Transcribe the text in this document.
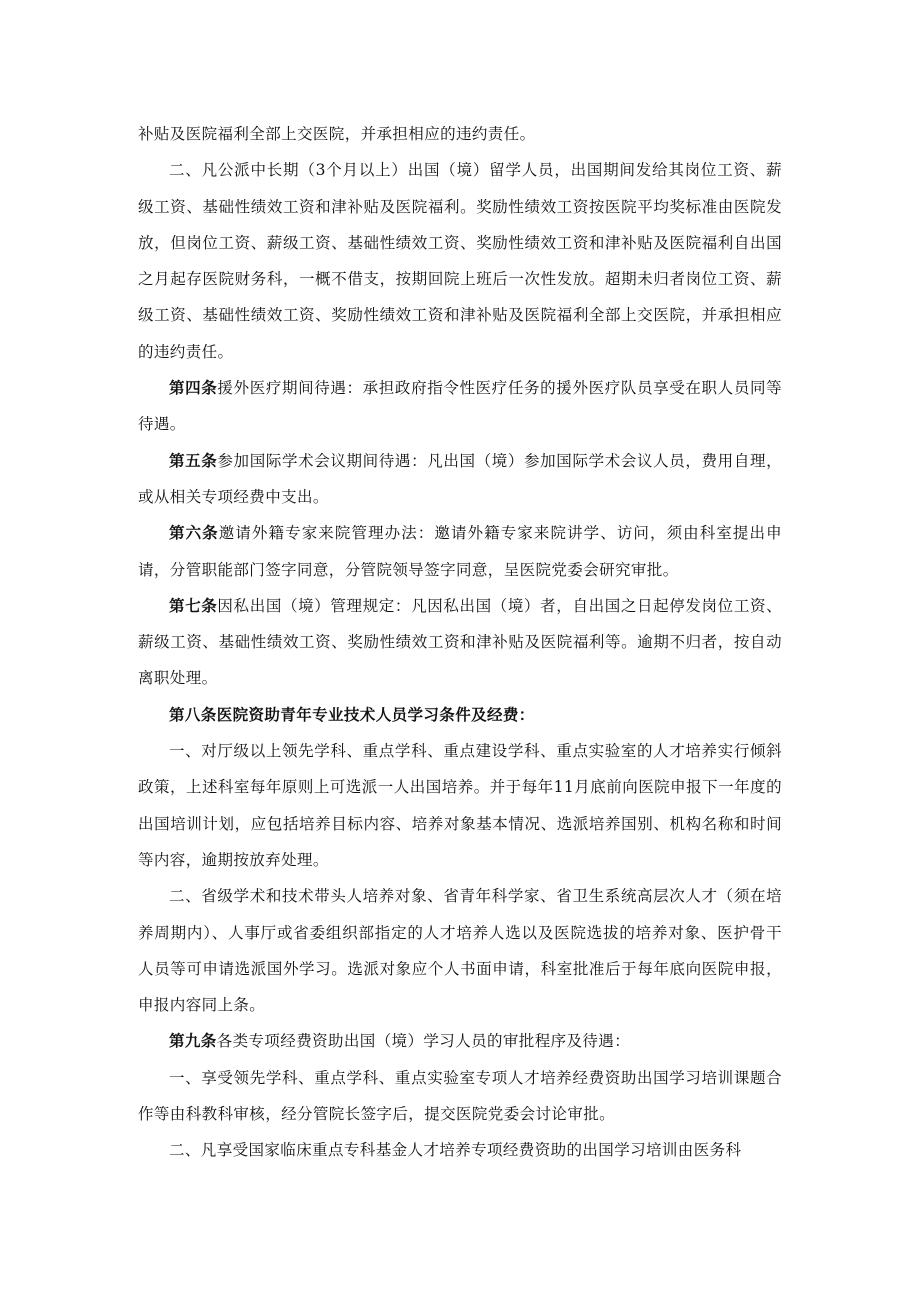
补贴及医院福利全部上交医院，并承担相应的违约责任。

二、凡公派中长期（3个月以上）出国（境）留学人员，出国期间发给其岗位工资、薪级工资、基础性绩效工资和津补贴及医院福利。奖励性绩效工资按医院平均奖标准由医院发放，但岗位工资、薪级工资、基础性绩效工资、奖励性绩效工资和津补贴及医院福利自出国之月起存医院财务科，一概不借支，按期回院上班后一次性发放。超期未归者岗位工资、薪级工资、基础性绩效工资、奖励性绩效工资和津补贴及医院福利全部上交医院，并承担相应的违约责任。

第四条援外医疗期间待遇：承担政府指令性医疗任务的援外医疗队员享受在职人员同等待遇。

第五条参加国际学术会议期间待遇：凡出国（境）参加国际学术会议人员，费用自理，或从相关专项经费中支出。

第六条邀请外籍专家来院管理办法：邀请外籍专家来院讲学、访问，须由科室提出申请，分管职能部门签字同意，分管院领导签字同意，呈医院党委会研究审批。

第七条因私出国（境）管理规定：凡因私出国（境）者，自出国之日起停发岗位工资、薪级工资、基础性绩效工资、奖励性绩效工资和津补贴及医院福利等。逾期不归者，按自动离职处理。

第八条医院资助青年专业技术人员学习条件及经费：

一、对厅级以上领先学科、重点学科、重点建设学科、重点实验室的人才培养实行倾斜政策，上述科室每年原则上可选派一人出国培养。并于每年11月底前向医院申报下一年度的出国培训计划，应包括培养目标内容、培养对象基本情况、选派培养国别、机构名称和时间等内容，逾期按放弃处理。

二、省级学术和技术带头人培养对象、省青年科学家、省卫生系统高层次人才（须在培养周期内）、人事厅或省委组织部指定的人才培养人选以及医院选拔的培养对象、医护骨干人员等可申请选派国外学习。选派对象应个人书面申请，科室批准后于每年底向医院申报，申报内容同上条。

第九条各类专项经费资助出国（境）学习人员的审批程序及待遇：

一、享受领先学科、重点学科、重点实验室专项人才培养经费资助出国学习培训课题合作等由科教科审核，经分管院长签字后，提交医院党委会讨论审批。

二、凡享受国家临床重点专科基金人才培养专项经费资助的出国学习培训由医务科
